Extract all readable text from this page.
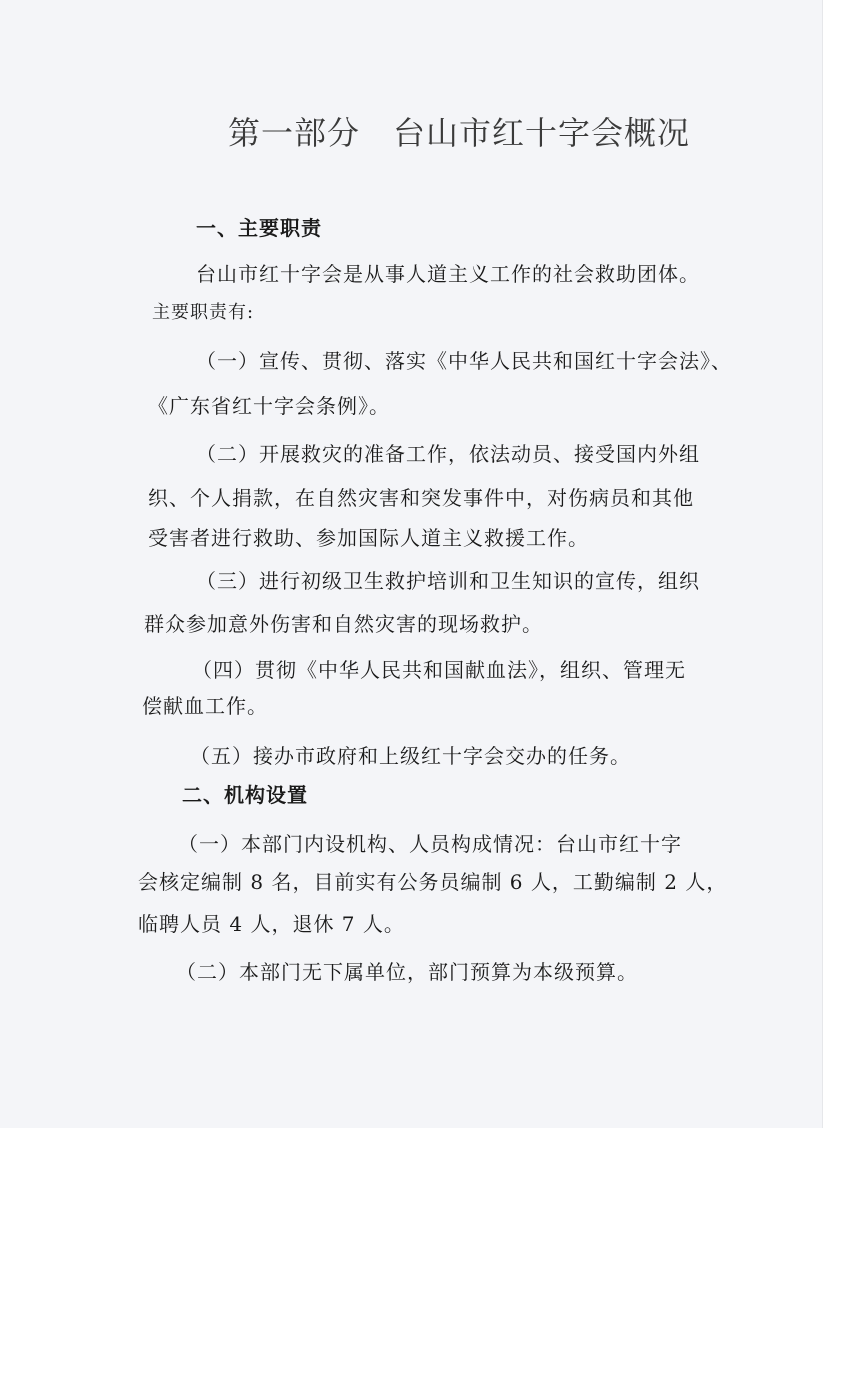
第一部分　台山市红十字会概况
一、主要职责
台山市红十字会是从事人道主义工作的社会救助团体。
主要职责有:
（一）宣传、贯彻、落实《中华人民共和国红十字会法》、
《广东省红十字会条例》。
（二）开展救灾的准备工作，依法动员、接受国内外组
织、个人捐款，在自然灾害和突发事件中，对伤病员和其他
受害者进行救助、参加国际人道主义救援工作。
（三）进行初级卫生救护培训和卫生知识的宣传，组织
群众参加意外伤害和自然灾害的现场救护。
（四）贯彻《中华人民共和国献血法》，组织、管理无
偿献血工作。
（五）接办市政府和上级红十字会交办的任务。
二、机构设置
（一）本部门内设机构、人员构成情况：台山市红十字
会核定编制 8 名，目前实有公务员编制 6 人，工勤编制 2 人，
临聘人员 4 人，退休 7 人。
（二）本部门无下属单位，部门预算为本级预算。
